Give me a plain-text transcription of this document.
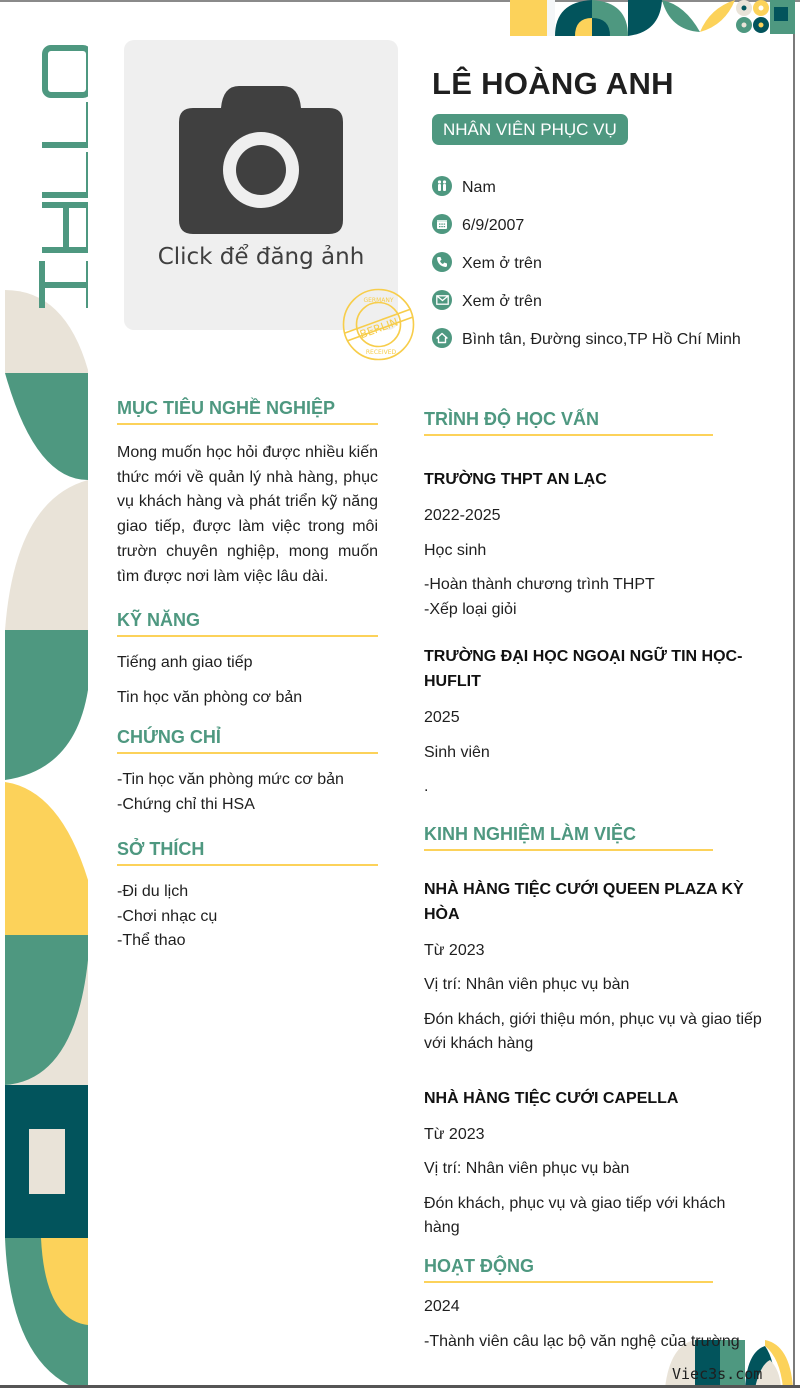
Click để đăng ảnh
BERLIN
GERMANY
RECEIVED
LÊ HOÀNG ANH
NHÂN VIÊN PHỤC VỤ
Nam
6/9/2007
Xem ở trên
Xem ở trên
Bình tân, Đường sinco,TP Hồ Chí Minh
MỤC TIÊU NGHỀ NGHIỆP
Mong muốn học hỏi được nhiều kiến thức mới về quản lý nhà hàng, phục vụ khách hàng và phát triển kỹ năng giao tiếp, được làm việc trong môi trườn chuyên nghiệp, mong muốn tìm được nơi làm việc lâu dài.
KỸ NĂNG
Tiếng anh giao tiếp
Tin học văn phòng cơ bản
CHỨNG CHỈ
-Tin học văn phòng mức cơ bản
-Chứng chỉ thi HSA
SỞ THÍCH
-Đi du lịch
-Chơi nhạc cụ
-Thể thao
TRÌNH ĐỘ HỌC VẤN
TRƯỜNG THPT AN LẠC
2022-2025
Học sinh
-Hoàn thành chương trình THPT
-Xếp loại giỏi
TRƯỜNG ĐẠI HỌC NGOẠI NGỮ TIN HỌC-HUFLIT
2025
Sinh viên
.
KINH NGHIỆM LÀM VIỆC
NHÀ HÀNG TIỆC CƯỚI QUEEN PLAZA KỲ HÒA
Từ 2023
Vị trí: Nhân viên phục vụ bàn
Đón khách, giới thiệu món, phục vụ và giao tiếp với khách hàng
NHÀ HÀNG TIỆC CƯỚI CAPELLA
Từ 2023
Vị trí: Nhân viên phục vụ bàn
Đón khách, phục vụ và giao tiếp với khách hàng
HOẠT ĐỘNG
2024
-Thành viên câu lạc bộ văn nghệ của trường
Viec3s.com
